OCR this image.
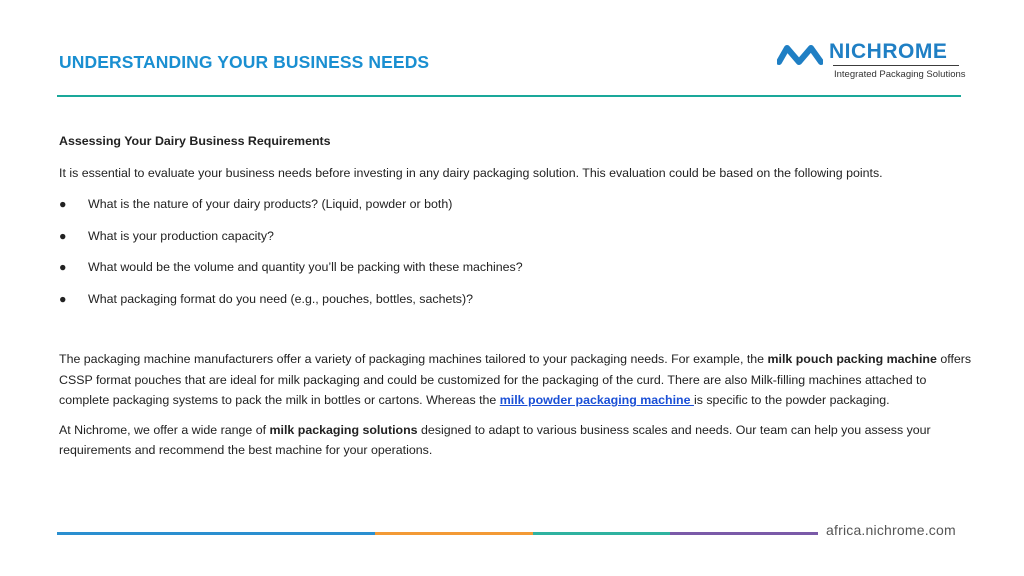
UNDERSTANDING YOUR BUSINESS NEEDS	NICHROME
Integrated Packaging Solutions

Assessing Your Dairy Business Requirements

It is essential to evaluate your business needs before investing in any dairy packaging solution. This evaluation could be based on the following points.

● What is the nature of your dairy products? (Liquid, powder or both)
● What is your production capacity?
● What would be the volume and quantity you’ll be packing with these machines?
● What packaging format do you need (e.g., pouches, bottles, sachets)?

The packaging machine manufacturers offer a variety of packaging machines tailored to your packaging needs. For example, the milk pouch packing machine offers CSSP format pouches that are ideal for milk packaging and could be customized for the packaging of the curd. There are also Milk-filling machines attached to complete packaging systems to pack the milk in bottles or cartons. Whereas the milk powder packaging machine is specific to the powder packaging.

At Nichrome, we offer a wide range of milk packaging solutions designed to adapt to various business scales and needs. Our team can help you assess your requirements and recommend the best machine for your operations.

africa.nichrome.com
